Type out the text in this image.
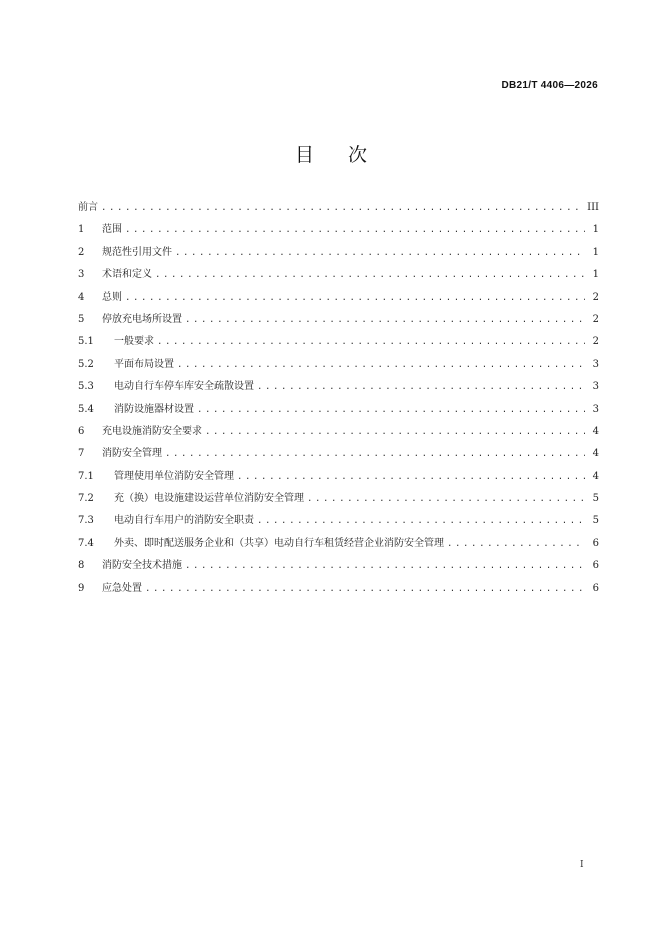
DB21/T 4406—2026
目次
前言 .....	III
1	范围 .....	1
2	规范性引用文件 .....	1
3	术语和定义 .....	1
4	总则 .....	2
5	停放充电场所设置 .....	2
5.1	一般要求 .....	2
5.2	平面布局设置 .....	3
5.3	电动自行车停车库安全疏散设置 .....	3
5.4	消防设施器材设置 .....	3
6	充电设施消防安全要求 .....	4
7	消防安全管理 .....	4
7.1	管理使用单位消防安全管理 .....	4
7.2	充（换）电设施建设运营单位消防安全管理 .....	5
7.3	电动自行车用户的消防安全职责 .....	5
7.4	外卖、即时配送服务企业和（共享）电动自行车租赁经营企业消防安全管理 .....	6
8	消防安全技术措施 .....	6
9	应急处置 .....	6
I
